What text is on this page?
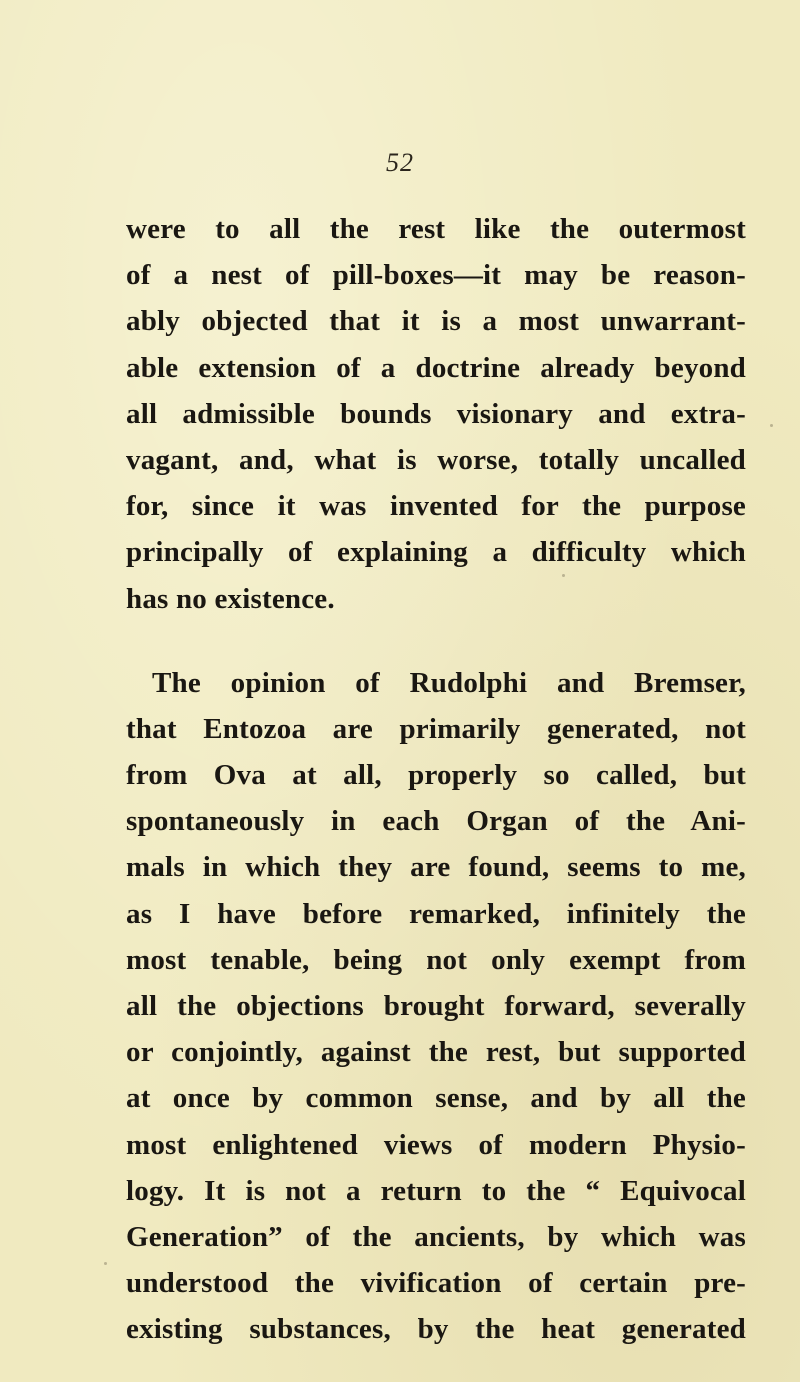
52
were to all the rest like the outermost
of a nest of pill-boxes—it may be reason-
ably objected that it is a most unwarrant-
able extension of a doctrine already beyond
all admissible bounds visionary and extra-
vagant, and, what is worse, totally uncalled
for, since it was invented for the purpose
principally of explaining a difficulty which
has no existence.
The opinion of Rudolphi and Bremser,
that Entozoa are primarily generated, not
from Ova at all, properly so called, but
spontaneously in each Organ of the Ani-
mals in which they are found, seems to me,
as I have before remarked, infinitely the
most tenable, being not only exempt from
all the objections brought forward, severally
or conjointly, against the rest, but supported
at once by common sense, and by all the
most enlightened views of modern Physio-
logy. It is not a return to the “ Equivocal
Generation” of the ancients, by which was
understood the vivification of certain pre-
existing substances, by the heat generated
